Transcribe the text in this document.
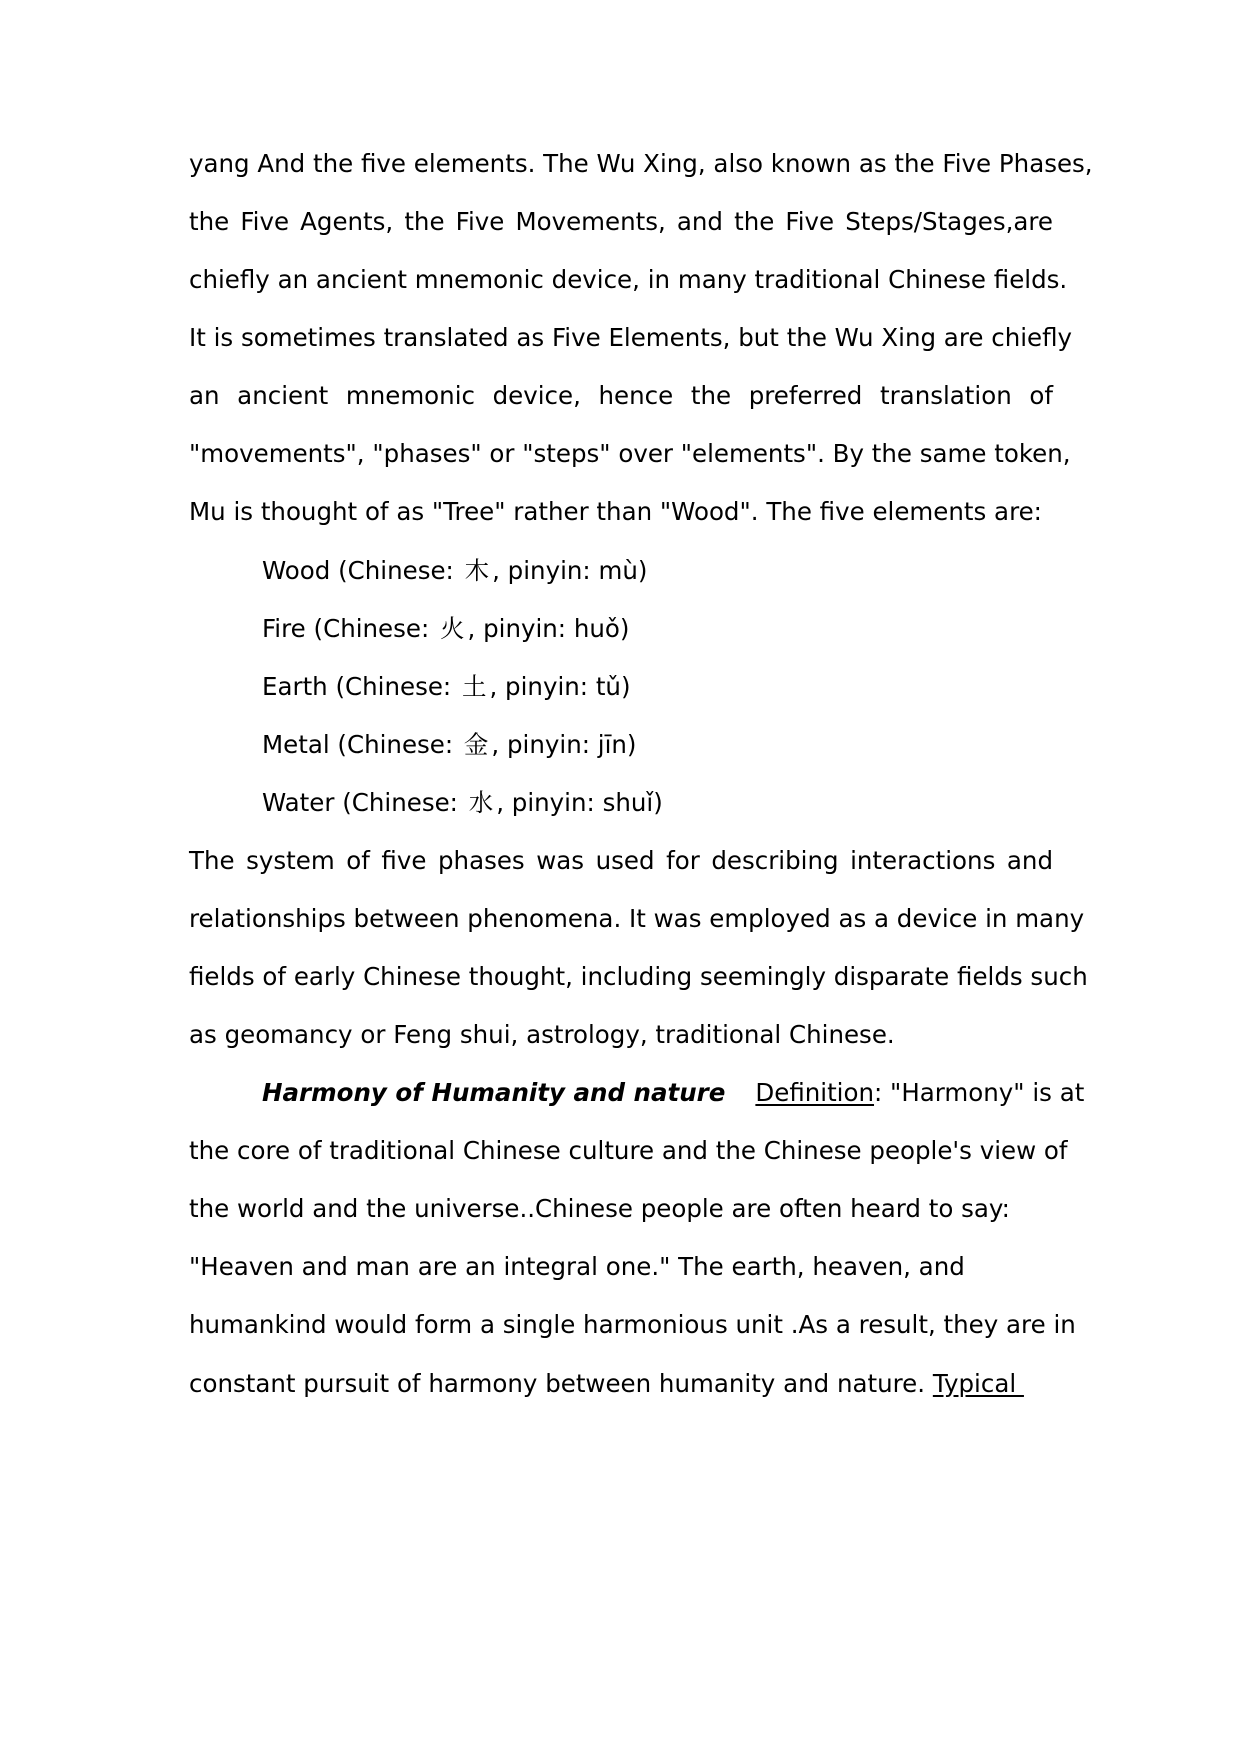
yang And the five elements. The Wu Xing, also known as the Five Phases,
the Five Agents, the Five Movements, and the Five Steps/Stages,are
chiefly an ancient mnemonic device, in many traditional Chinese fields.
It is sometimes translated as Five Elements, but the Wu Xing are chiefly
an ancient mnemonic device, hence the preferred translation of
"movements", "phases" or "steps" over "elements". By the same token,
Mu is thought of as "Tree" rather than "Wood". The five elements are:
Wood (Chinese: 木 , pinyin: mù)
Fire (Chinese: 火 , pinyin: huǒ)
Earth (Chinese: 土 , pinyin: tǔ)
Metal (Chinese: 金 , pinyin: jīn)
Water (Chinese: 水 , pinyin: shuǐ)
The system of five phases was used for describing interactions and
relationships between phenomena. It was employed as a device in many
fields of early Chinese thought, including seemingly disparate fields such
as geomancy or Feng shui, astrology, traditional Chinese.
Harmony of Humanity and nature Definition: "Harmony" is at
the core of traditional Chinese culture and the Chinese people's view of
the world and the universe..Chinese people are often heard to say:
"Heaven and man are an integral one." The earth, heaven, and
humankind would form a single harmonious unit .As a result, they are in
constant pursuit of harmony between humanity and nature. Typical
